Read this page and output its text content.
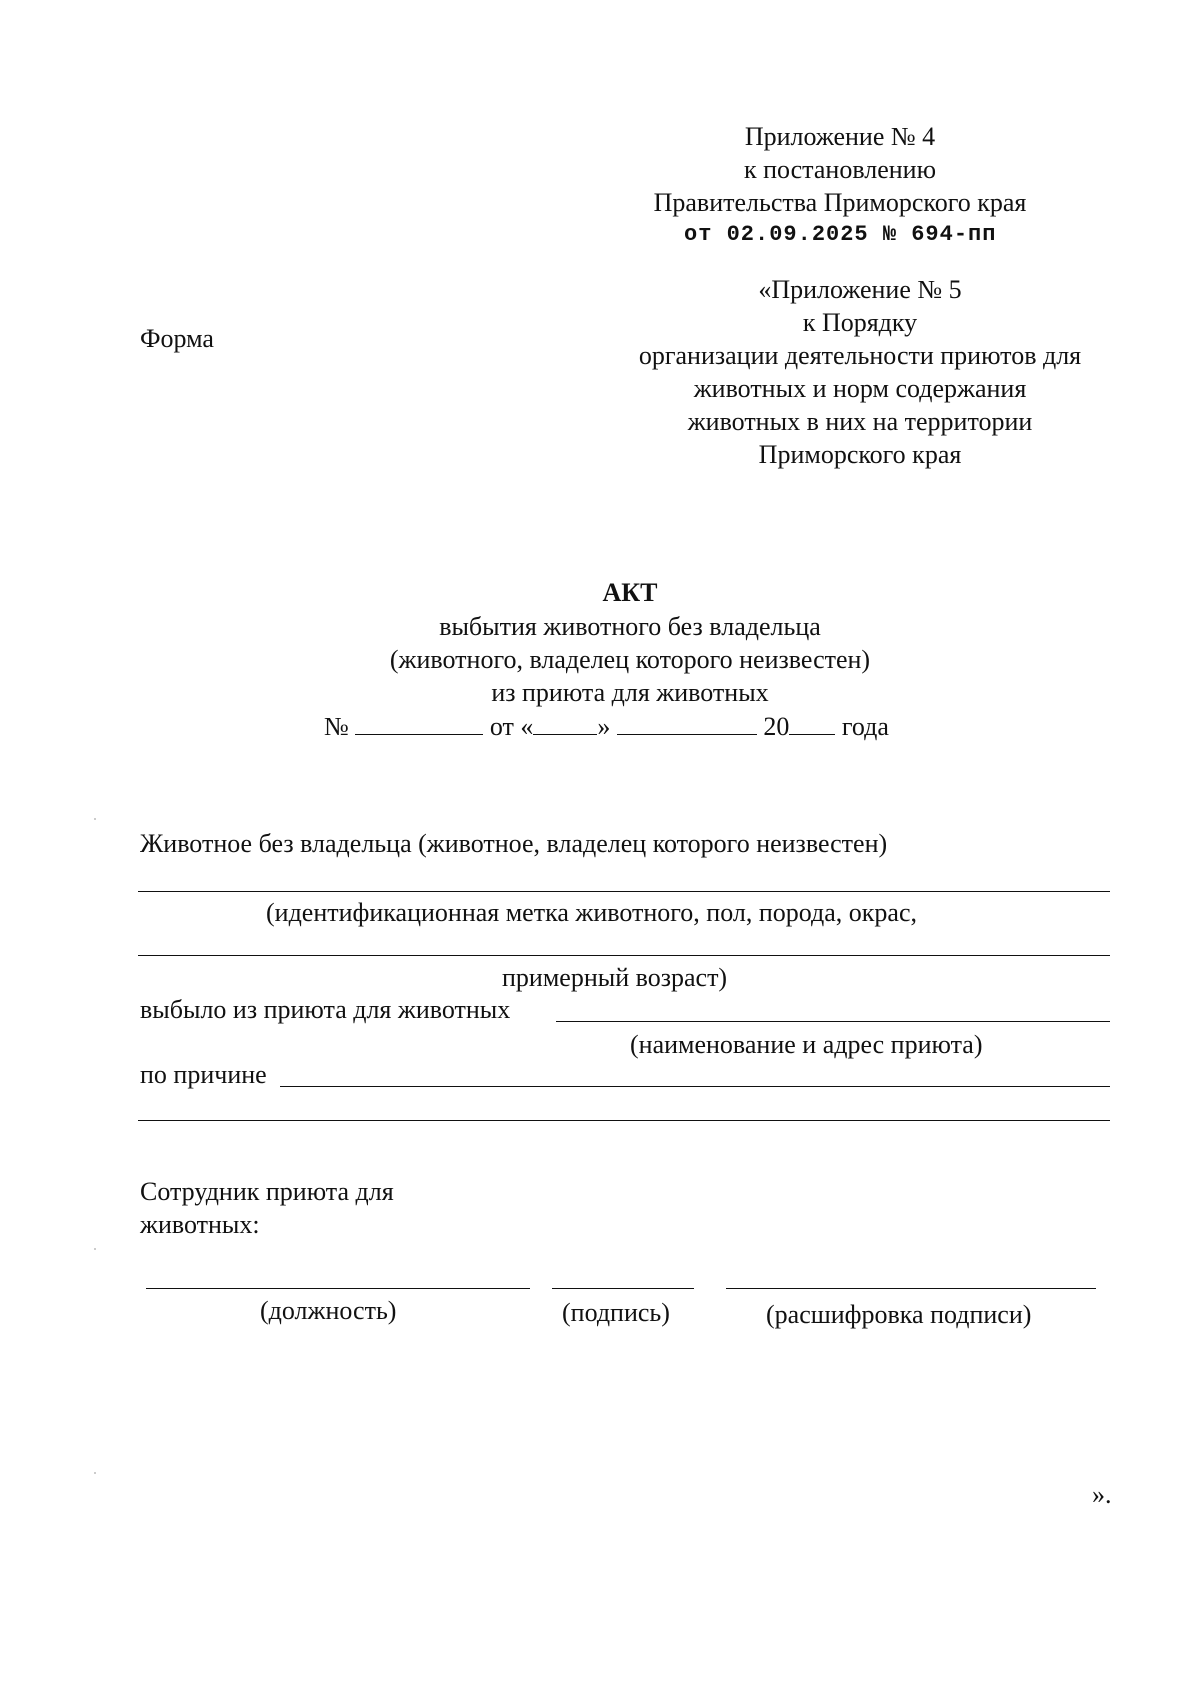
Приложение № 4
к постановлению
Правительства Приморского края
от 02.09.2025 № 694-пп
Форма
«Приложение № 5
к Порядку
организации деятельности приютов для
животных и норм содержания
животных в них на территории
Приморского края
АКТ
выбытия животного без владельца
(животного, владелец которого неизвестен)
из приюта для животных
№	от « »	20 года
Животное без владельца (животное, владелец которого неизвестен)
(идентификационная метка животного, пол, порода, окрас,
примерный возраст)
выбыло из приюта для животных
(наименование и адрес приюта)
по причине
Сотрудник приюта для
животных:
(должность)	(подпись)	(расшифровка подписи)
».
